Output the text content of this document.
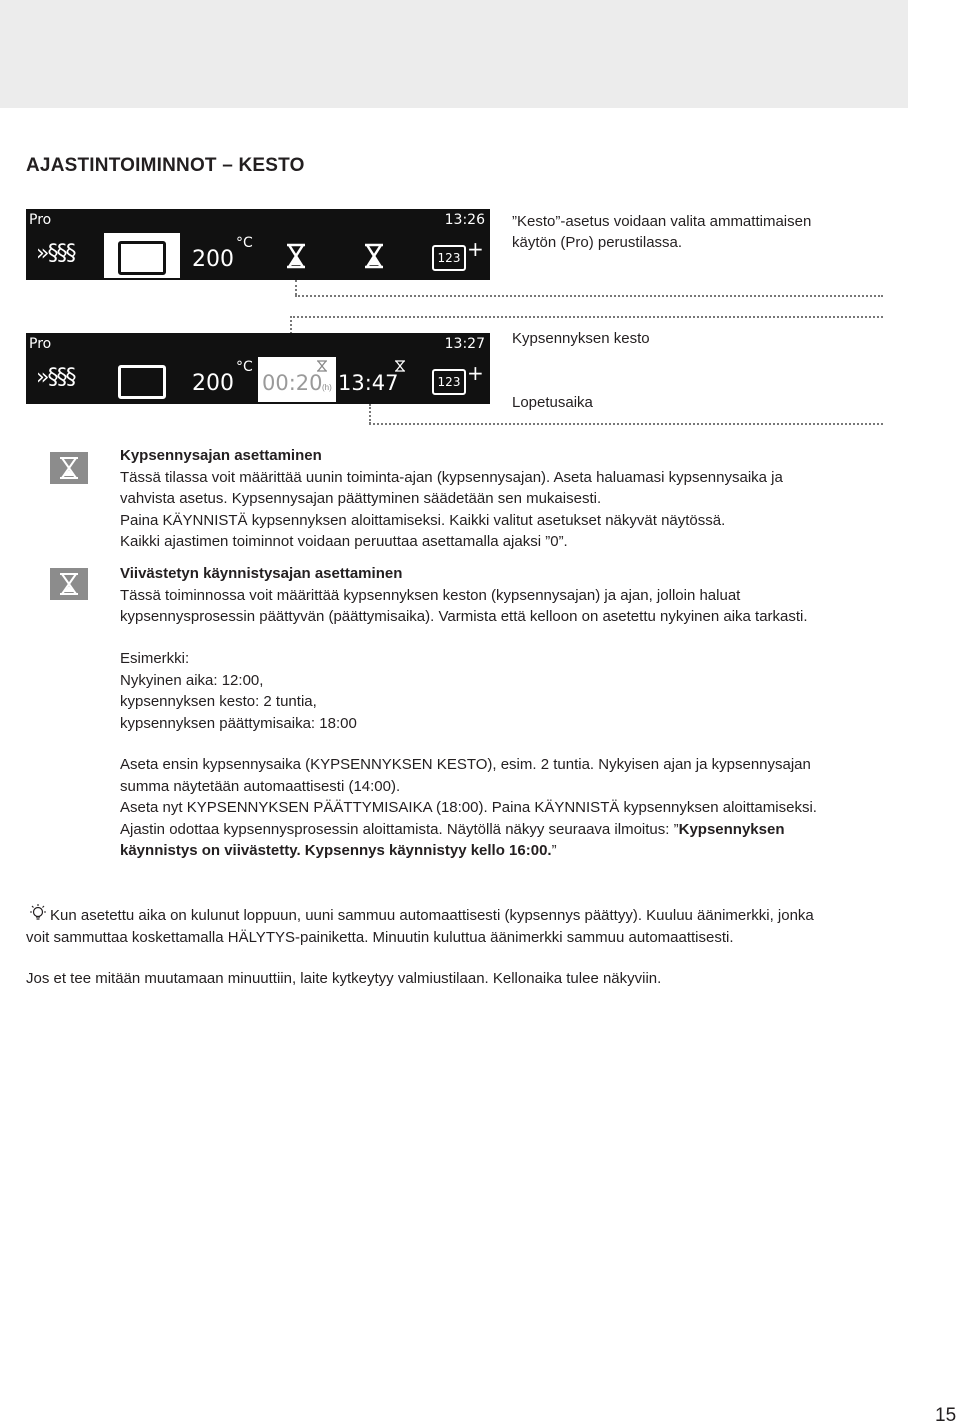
AJASTINTOIMINNOT – KESTO
Pro	13:26
»§§§	200
°C
123 +
”Kesto”-asetus voidaan valita ammattimaisen
käytön (Pro) perustilassa.
Pro	13:27
»§§§	200
°C
00:20 (h) 13:47	123 +
Kypsennyksen kesto
Lopetusaika
Kypsennysajan asettaminen
Tässä tilassa voit määrittää uunin toiminta-ajan (kypsennysajan). Aseta haluamasi kypsennysaika ja
vahvista asetus. Kypsennysajan päättyminen säädetään sen mukaisesti.
Paina KÄYNNISTÄ kypsennyksen aloittamiseksi. Kaikki valitut asetukset näkyvät näytössä.
Kaikki ajastimen toiminnot voidaan peruuttaa asettamalla ajaksi ”0”.
Viivästetyn käynnistysajan asettaminen
Tässä toiminnossa voit määrittää kypsennyksen keston (kypsennysajan) ja ajan, jolloin haluat
kypsennysprosessin päättyvän (päättymisaika). Varmista että kelloon on asetettu nykyinen aika tarkasti.
Esimerkki:
Nykyinen aika: 12:00,
kypsennyksen kesto: 2 tuntia,
kypsennyksen päättymisaika: 18:00
Aseta ensin kypsennysaika (KYPSENNYKSEN KESTO), esim. 2 tuntia. Nykyisen ajan ja kypsennysajan
summa näytetään automaattisesti (14:00).
Aseta nyt KYPSENNYKSEN PÄÄTTYMISAIKA (18:00). Paina KÄYNNISTÄ kypsennyksen aloittamiseksi.
Ajastin odottaa kypsennysprosessin aloittamista. Näytöllä näkyy seuraava ilmoitus: ”Kypsennyksen
käynnistys on viivästetty. Kypsennys käynnistyy kello 16:00.”
Kun asetettu aika on kulunut loppuun, uuni sammuu automaattisesti (kypsennys päättyy). Kuuluu äänimerkki, jonka
voit sammuttaa koskettamalla HÄLYTYS-painiketta. Minuutin kuluttua äänimerkki sammuu automaattisesti.
Jos et tee mitään muutamaan minuuttiin, laite kytkeytyy valmiustilaan. Kellonaika tulee näkyviin.
15
